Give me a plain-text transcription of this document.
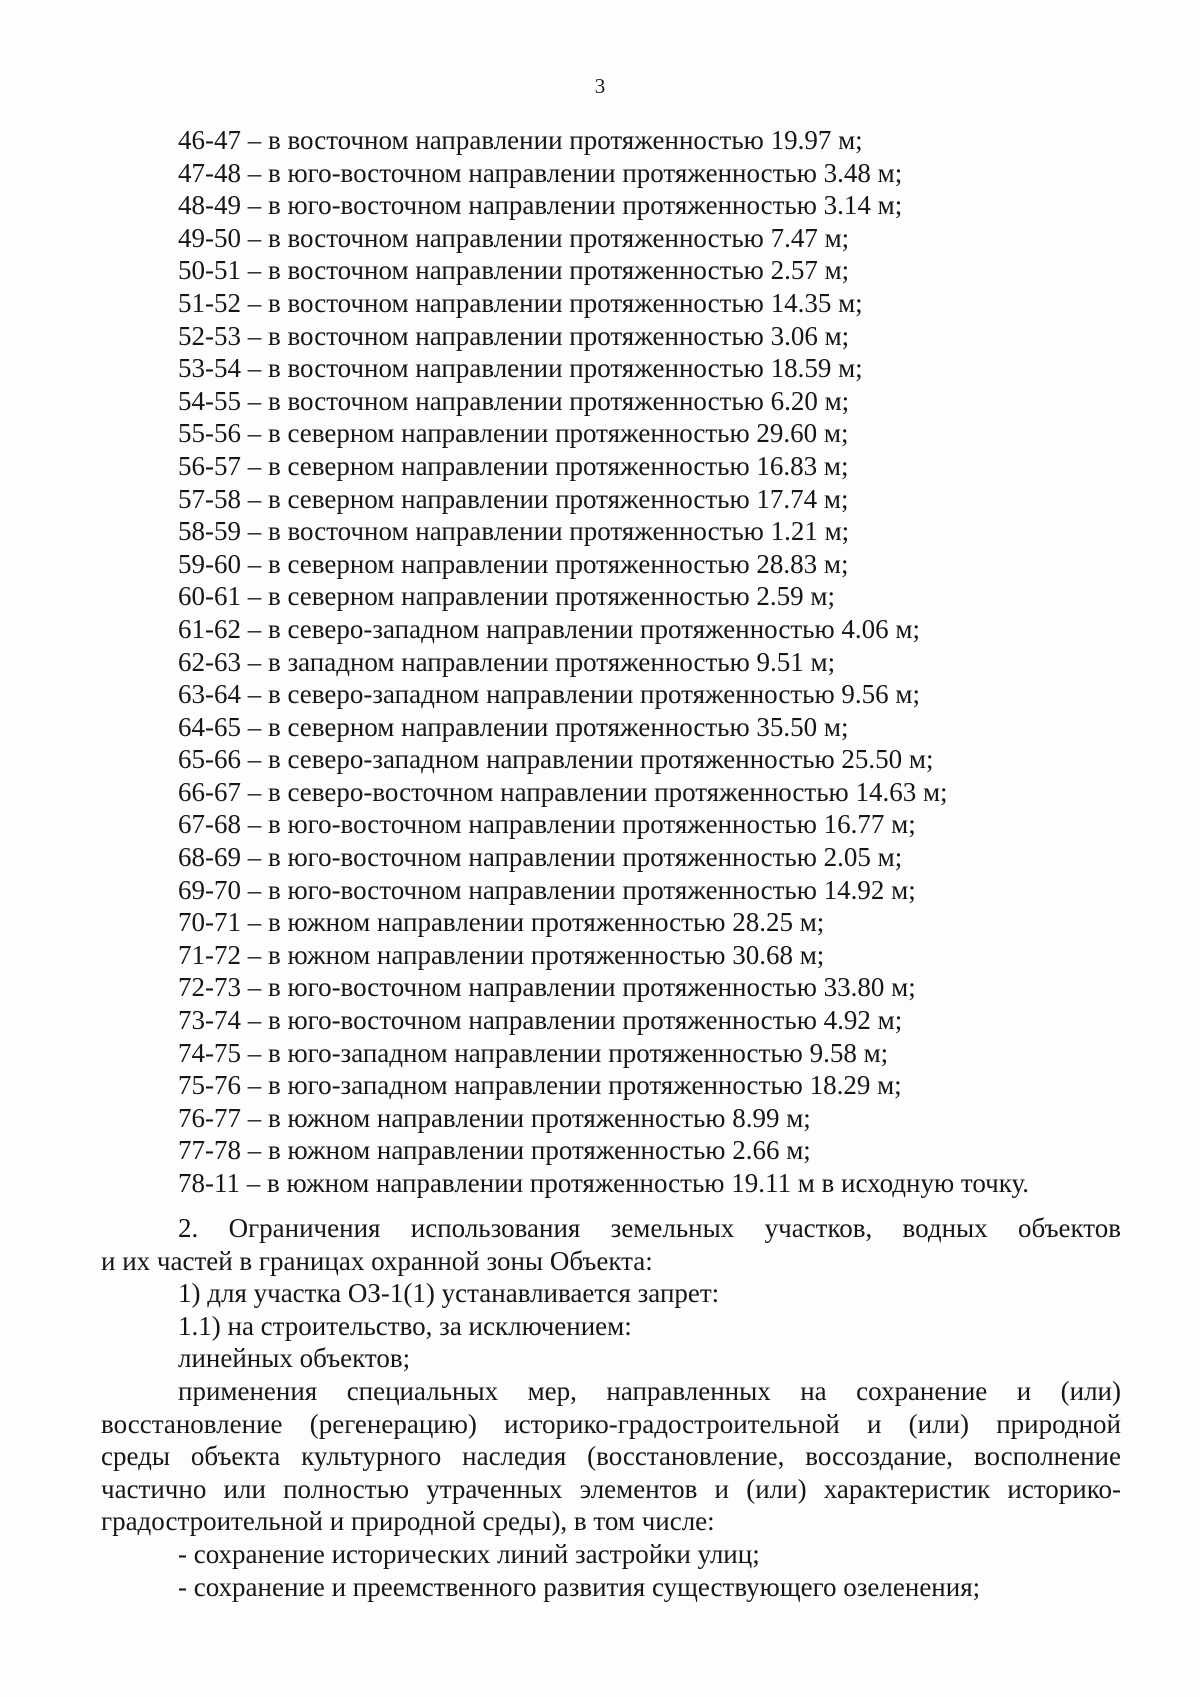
3
46-47 – в восточном направлении протяженностью 19.97 м;
47-48 – в юго-восточном направлении протяженностью 3.48 м;
48-49 – в юго-восточном направлении протяженностью 3.14 м;
49-50 – в восточном направлении протяженностью 7.47 м;
50-51 – в восточном направлении протяженностью 2.57 м;
51-52 – в восточном направлении протяженностью 14.35 м;
52-53 – в восточном направлении протяженностью 3.06 м;
53-54 – в восточном направлении протяженностью 18.59 м;
54-55 – в восточном направлении протяженностью 6.20 м;
55-56 – в северном направлении протяженностью 29.60 м;
56-57 – в северном направлении протяженностью 16.83 м;
57-58 – в северном направлении протяженностью 17.74 м;
58-59 – в восточном направлении протяженностью 1.21 м;
59-60 – в северном направлении протяженностью 28.83 м;
60-61 – в северном направлении протяженностью 2.59 м;
61-62 – в северо-западном направлении протяженностью 4.06 м;
62-63 – в западном направлении протяженностью 9.51 м;
63-64 – в северо-западном направлении протяженностью 9.56 м;
64-65 – в северном направлении протяженностью 35.50 м;
65-66 – в северо-западном направлении протяженностью 25.50 м;
66-67 – в северо-восточном направлении протяженностью 14.63 м;
67-68 – в юго-восточном направлении протяженностью 16.77 м;
68-69 – в юго-восточном направлении протяженностью 2.05 м;
69-70 – в юго-восточном направлении протяженностью 14.92 м;
70-71 – в южном направлении протяженностью 28.25 м;
71-72 – в южном направлении протяженностью 30.68 м;
72-73 – в юго-восточном направлении протяженностью 33.80 м;
73-74 – в юго-восточном направлении протяженностью 4.92 м;
74-75 – в юго-западном направлении протяженностью 9.58 м;
75-76 – в юго-западном направлении протяженностью 18.29 м;
76-77 – в южном направлении протяженностью 8.99 м;
77-78 – в южном направлении протяженностью 2.66 м;
78-11 – в южном направлении протяженностью 19.11 м в исходную точку.
2. Ограничения использования земельных участков, водных объектов
и их частей в границах охранной зоны Объекта:
1) для участка ОЗ-1(1) устанавливается запрет:
1.1) на строительство, за исключением:
линейных объектов;
применения специальных мер, направленных на сохранение и (или)
восстановление (регенерацию) историко-градостроительной и (или) природной
среды объекта культурного наследия (восстановление, воссоздание, восполнение
частично или полностью утраченных элементов и (или) характеристик историко-
градостроительной и природной среды), в том числе:
- сохранение исторических линий застройки улиц;
- сохранение и преемственного развития существующего озеленения;
